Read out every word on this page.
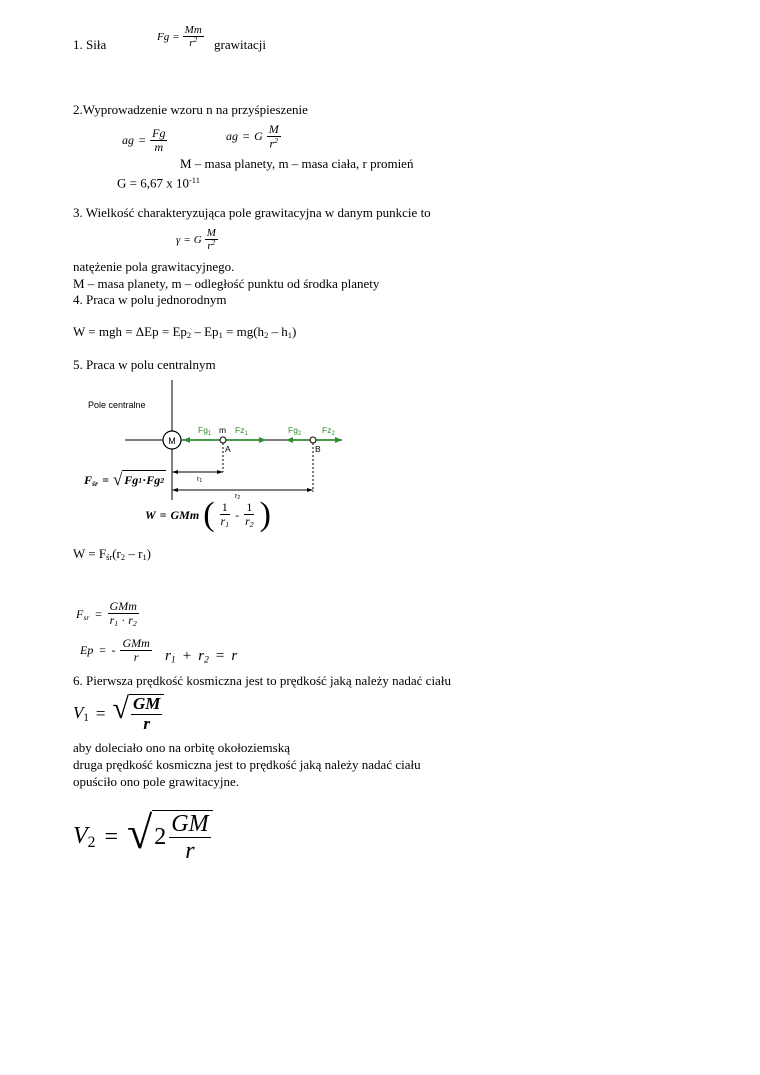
1. Siła
$Fg = \frac{Mm}{r^2}$ grawitacji
2.Wyprowadzenie wzoru n na przyśpieszenie
ag = $\frac{Fg}{m}$	ag = G $\frac{M}{r^2}$
M – masa planety, m – masa ciała, r promień
G = 6,67 x $10^{-11}$
3. Wielkość charakteryzująca pole grawitacyjna w danym punkcie to
γ = G $\frac{M}{r^2}$
natężenie pola grawitacyjnego.
M – masa planety, m – odległość punktu od środka planety
4. Praca w polu jednorodnym
W = mgh = $\Delta Ep = Ep_2 - Ep_1 = mg(h_2 - h_1)$
5. Praca w polu centralnym
Pole centralne
M
$Fg_1$ m $Fz_1$	$Fg_2$ $Fz_2$
A	B
r1
r2
$F_{śr}$ = √ Fg 1 · Fg 2
W = GMm ( $\frac{1}{r_1} - \frac{1}{r_2}$ )
$W = F_{śr}(r_2 - r_1)$
$F_{sr} = \frac{\text{GMm}}{r_1 \cdot r_2}$
Ep = - $\frac{\text{GMm}}{r} r_1 + r_2 = r$
6. Pierwsza prędkość kosmiczna jest to prędkość jaką należy nadać ciału
$V_1$ = √ $\frac{GM}{r}$
aby doleciało ono na orbitę okołoziemską
druga prędkość kosmiczna jest to prędkość jaką należy nadać ciału
opuściło ono pole grawitacyjne.
$V_2$ = √ $2 \frac{GM}{r}$
